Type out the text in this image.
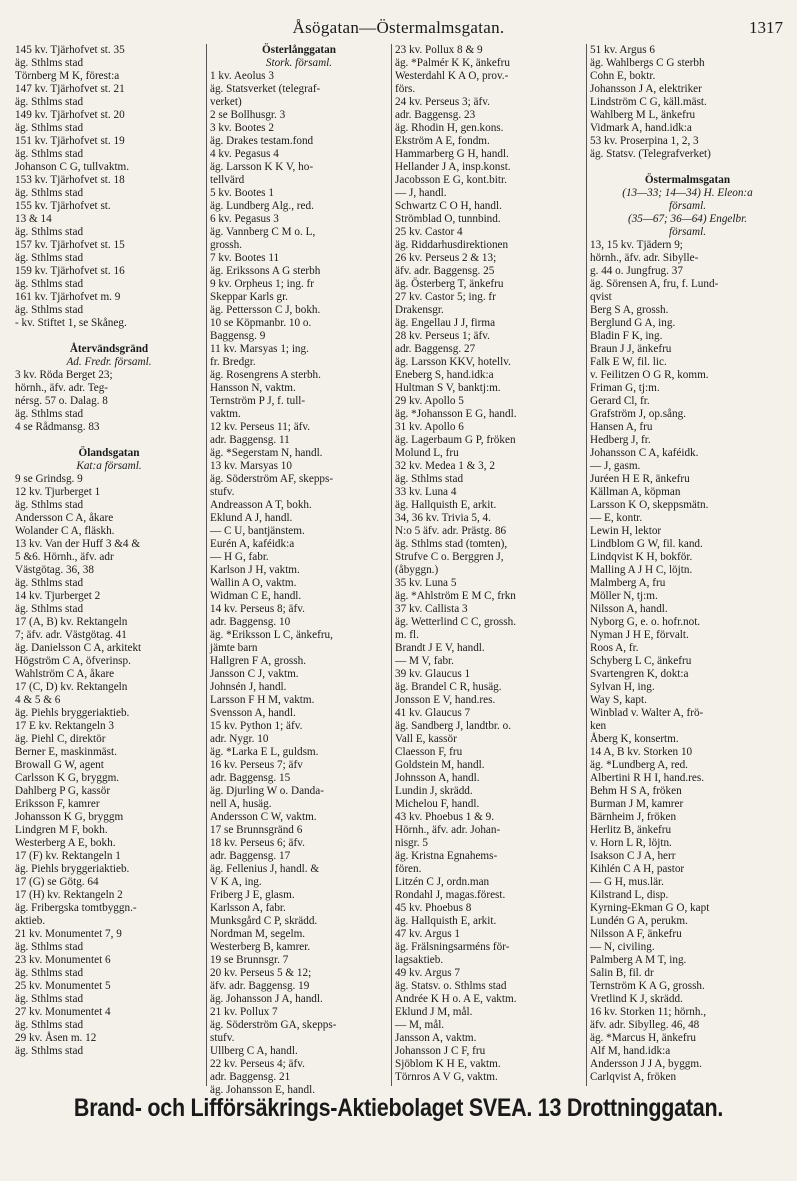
Åsögatan—Östermalmsgatan.	1317
145 kv. Tjärhofvet st. 35
äg. Sthlms stad
Törnberg M K, förest:a
147 kv. Tjärhofvet st. 21
äg. Sthlms stad
149 kv. Tjärhofvet st. 20
äg. Sthlms stad
151 kv. Tjärhofvet st. 19
äg. Sthlms stad
Johanson C G, tullvaktm.
153 kv. Tjärhofvet st. 18
äg. Sthlms stad
155 kv. Tjärhofvet st.
13 & 14
äg. Sthlms stad
157 kv. Tjärhofvet st. 15
äg. Sthlms stad
159 kv. Tjärhofvet st. 16
äg. Sthlms stad
161 kv. Tjärhofvet m. 9
äg. Sthlms stad
- kv. Stiftet 1, se Skåneg.

Återvändsgränd
Ad. Fredr. församl.
3 kv. Röda Berget 23;
hörnh., äfv. adr. Teg-
nérsg. 57 o. Dalag. 8
äg. Sthlms stad
4 se Rådmansg. 83

Ölandsgatan
Kat:a församl.
9 se Grindsg. 9
12 kv. Tjurberget 1
äg. Sthlms stad
Andersson C A, åkare
Wolander C A, fläskh.
13 kv. Van der Huff 3 &4 &
5 &6. Hörnh., äfv. adr
Västgötag. 36, 38
äg. Sthlms stad
14 kv. Tjurberget 2
äg. Sthlms stad
17 (A, B) kv. Rektangeln
7; äfv. adr. Västgötag. 41
äg. Danielsson C A, arkitekt
Högström C A, öfverinsp.
Wahlström C A, åkare
17 (C, D) kv. Rektangeln
4 & 5 & 6
äg. Piehls bryggeriaktieb.
17 E kv. Rektangeln 3
äg. Piehl C, direktör
Berner E, maskinmäst.
Browall G W, agent
Carlsson K G, bryggm.
Dahlberg P G, kassör
Eriksson F, kamrer
Johansson K G, bryggm
Lindgren M F, bokh.
Westerberg A E, bokh.
17 (F) kv. Rektangeln 1
äg. Piehls bryggeriaktieb.
17 (G) se Götg. 64
17 (H) kv. Rektangeln 2
äg. Fribergska tomtbyggn.-
aktieb.
21 kv. Monumentet 7, 9
äg. Sthlms stad
23 kv. Monumentet 6
äg. Sthlms stad
25 kv. Monumentet 5
äg. Sthlms stad
27 kv. Monumentet 4
äg. Sthlms stad
29 kv. Åsen m. 12
äg. Sthlms stad
Österlånggatan
Stork. församl.
1 kv. Aeolus 3
äg. Statsverket (telegraf-
verket)
2 se Bollhusgr. 3
3 kv. Bootes 2
äg. Drakes testam.fond
4 kv. Pegasus 4
äg. Larsson K K V, ho-
tellvärd
5 kv. Bootes 1
äg. Lundberg Alg., red.
6 kv. Pegasus 3
äg. Vannberg C M o. L,
grossh.
7 kv. Bootes 11
äg. Erikssons A G sterbh
9 kv. Orpheus 1; ing. fr
Skeppar Karls gr.
äg. Pettersson C J, bokh.
10 se Köpmanbr. 10 o.
Baggensg. 9
11 kv. Marsyas 1; ing.
fr. Bredgr.
äg. Rosengrens A sterbh.
Hansson N, vaktm.
Ternström P J, f. tull-
vaktm.
12 kv. Perseus 11; äfv.
adr. Baggensg. 11
äg. *Segerstam N, handl.
13 kv. Marsyas 10
äg. Söderström AF, skepps-
stufv.
Andreasson A T, bokh.
Eklund A J, handl.
— C U, bantjänstem.
Eurén A, kaféidk:a
— H G, fabr.
Karlson J H, vaktm.
Wallin A O, vaktm.
Widman C E, handl.
14 kv. Perseus 8; äfv.
adr. Baggensg. 10
äg. *Eriksson L C, änkefru,
jämte barn
Hallgren F A, grossh.
Jansson C J, vaktm.
Johnsén J, handl.
Larsson F H M, vaktm.
Svensson A, handl.
15 kv. Python 1; äfv.
adr. Nygr. 10
äg. *Larka E L, guldsm.
16 kv. Perseus 7; äfv
adr. Baggensg. 15
äg. Djurling W o. Danda-
nell A, husäg.
Andersson C W, vaktm.
17 se Brunnsgränd 6
18 kv. Perseus 6; äfv.
adr. Baggensg. 17
äg. Fellenius J, handl. &
V K A, ing.
Friberg J E, glasm.
Karlsson A, fabr.
Munksgård C P, skrädd.
Nordman M, segelm.
Westerberg B, kamrer.
19 se Brunnsgr. 7
20 kv. Perseus 5 & 12;
äfv. adr. Baggensg. 19
äg. Johansson J A, handl.
21 kv. Pollux 7
äg. Söderström GA, skepps-
stufv.
Ullberg C A, handl.
22 kv. Perseus 4; äfv.
adr. Baggensg. 21
äg. Johansson E, handl.
23 kv. Pollux 8 & 9
äg. *Palmér K K, änkefru
Westerdahl K A O, prov.-
förs.
24 kv. Perseus 3; äfv.
adr. Baggensg. 23
äg. Rhodin H, gen.kons.
Ekström A E, fondm.
Hammarberg G H, handl.
Hellander J A, insp.konst.
Jacobsson E G, kont.bitr.
— J, handl.
Schwartz C O H, handl.
Strömblad O, tunnbind.
25 kv. Castor 4
äg. Riddarhusdirektionen
26 kv. Perseus 2 & 13;
äfv. adr. Baggensg. 25
äg. Österberg T, änkefru
27 kv. Castor 5; ing. fr
Drakensgr.
äg. Engellau J J, firma
28 kv. Perseus 1; äfv.
adr. Baggensg. 27
äg. Larsson KKV, hotellv.
Eneberg S, hand.idk:a
Hultman S V, banktj:m.
29 kv. Apollo 5
äg. *Johansson E G, handl.
31 kv. Apollo 6
äg. Lagerbaum G P, fröken
Molund L, fru
32 kv. Medea 1 & 3, 2
äg. Sthlms stad
33 kv. Luna 4
äg. Hallquisth E, arkit.
34, 36 kv. Trivia 5, 4.
N:o 5 äfv. adr. Prästg. 86
äg. Sthlms stad (tomten),
Strufve C o. Berggren J,
(åbyggn.)
35 kv. Luna 5
äg. *Ahlström E M C, frkn
37 kv. Callista 3
äg. Wetterlind C C, grossh.
m. fl.
Brandt J E V, handl.
— M V, fabr.
39 kv. Glaucus 1
äg. Brandel C R, husäg.
Jonsson E V, hand.res.
41 kv. Glaucus 7
äg. Sandberg J, landtbr. o.
Vall E, kassör
Claesson F, fru
Goldstein M, handl.
Johnsson A, handl.
Lundin J, skrädd.
Michelou F, handl.
43 kv. Phoebus 1 & 9.
Hörnh., äfv. adr. Johan-
nisgr. 5
äg. Kristna Egnahems-
fören.
Litzén C J, ordn.man
Rondahl J, magas.förest.
45 kv. Phoebus 8
äg. Hallquisth E, arkit.
47 kv. Argus 1
äg. Frälsningsarméns för-
lagsaktieb.
49 kv. Argus 7
äg. Statsv. o. Sthlms stad
Andrée K H o. A E, vaktm.
Eklund J M, mål.
— M, mål.
Jansson A, vaktm.
Johansson J C F, fru
Sjöblom K H E, vaktm.
Törnros A V G, vaktm.
51 kv. Argus 6
äg. Wahlbergs C G sterbh
Cohn E, boktr.
Johansson J A, elektriker
Lindström C G, käll.mäst.
Wahlberg M L, änkefru
Vidmark A, hand.idk:a
53 kv. Proserpina 1, 2, 3
äg. Statsv. (Telegrafverket)

Östermalmsgatan
(13—33; 14—34) H. Eleon:a
församl.
(35—67; 36—64) Engelbr.
församl.
13, 15 kv. Tjädern 9;
hörnh., äfv. adr. Sibylle-
g. 44 o. Jungfrug. 37
äg. Sörensen A, fru, f. Lund-
qvist
Berg S A, grossh.
Berglund G A, ing.
Bladin F K, ing.
Braun J J, änkefru
Falk E W, fil. lic.
v. Feilitzen O G R, komm.
Friman G, tj:m.
Gerard Cl, fr.
Grafström J, op.sång.
Hansen A, fru
Hedberg J, fr.
Johansson C A, kaféidk.
— J, gasm.
Juréen H E R, änkefru
Källman A, köpman
Larsson K O, skeppsmätn.
— E, kontr.
Lewin H, lektor
Lindblom G W, fil. kand.
Lindqvist K H, bokför.
Malling A J H C, löjtn.
Malmberg A, fru
Möller N, tj:m.
Nilsson A, handl.
Nyborg G, e. o. hofr.not.
Nyman J H E, förvalt.
Roos A, fr.
Schyberg L C, änkefru
Svartengren K, dokt:a
Sylvan H, ing.
Way S, kapt.
Winblad v. Walter A, frö-
ken
Åberg K, konsertm.
14 A, B kv. Storken 10
äg. *Lundberg A, red.
Albertini R H I, hand.res.
Behm H S A, fröken
Burman J M, kamrer
Bärnheim J, fröken
Herlitz B, änkefru
v. Horn L R, löjtn.
Isakson C J A, herr
Kihlén C A H, pastor
— G H, mus.lär.
Kilstrand L, disp.
Kyrning-Ekman G O, kapt
Lundén G A, perukm.
Nilsson A F, änkefru
— N, civiling.
Palmberg A M T, ing.
Salin B, fil. dr
Ternström K A G, grossh.
Vretlind K J, skrädd.
16 kv. Storken 11; hörnh.,
äfv. adr. Sibylleg. 46, 48
äg. *Marcus H, änkefru
Alf M, hand.idk:a
Andersson J J A, byggm.
Carlqvist A, fröken
Brand- och Lifförsäkrings-Aktiebolaget SVEA. 13 Drottninggatan.
